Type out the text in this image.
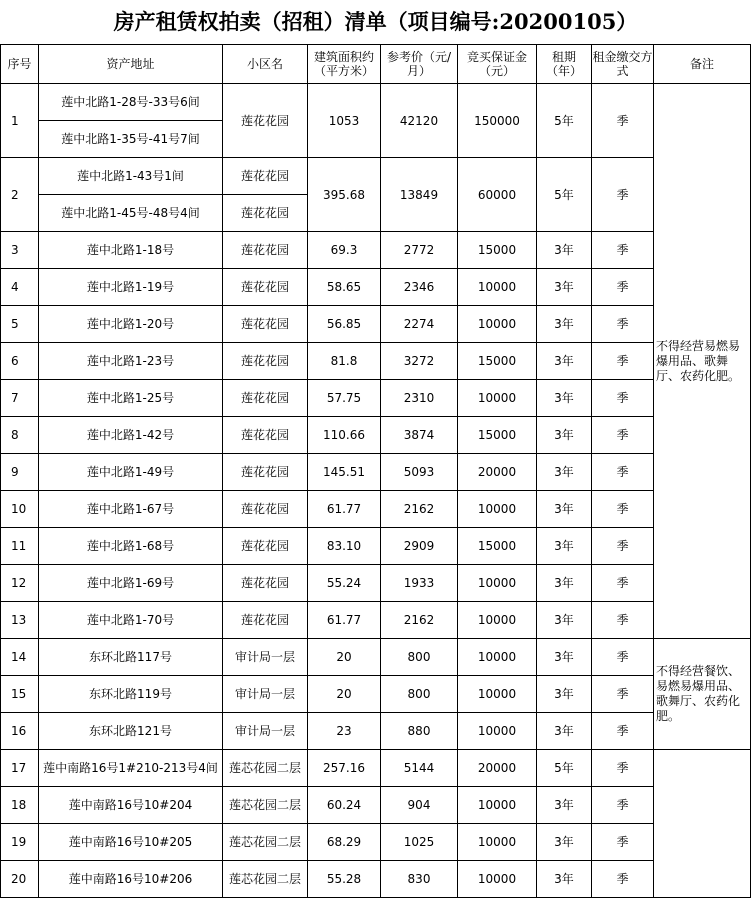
房产租赁权拍卖（招租）清单（项目编号:20200105）
序号	资产地址	小区名	建筑面积约（平方米）	参考价（元/月）	竞买保证金（元）	租期（年）	租金缴交方式	备注
1	莲中北路1-28号-33号6间	莲花花园	1053	42120	150000	5年	季	不得经营易燃易爆用品、歌舞厅、农药化肥。
	莲中北路1-35号-41号7间							
2	莲中北路1-43号1间	莲花花园	395.68	13849	60000	5年	季	
	莲中北路1-45号-48号4间	莲花花园						
3	莲中北路1-18号	莲花花园	69.3	2772	15000	3年	季	
4	莲中北路1-19号	莲花花园	58.65	2346	10000	3年	季	
5	莲中北路1-20号	莲花花园	56.85	2274	10000	3年	季	
6	莲中北路1-23号	莲花花园	81.8	3272	15000	3年	季	
7	莲中北路1-25号	莲花花园	57.75	2310	10000	3年	季	
8	莲中北路1-42号	莲花花园	110.66	3874	15000	3年	季	
9	莲中北路1-49号	莲花花园	145.51	5093	20000	3年	季	
10	莲中北路1-67号	莲花花园	61.77	2162	10000	3年	季	
11	莲中北路1-68号	莲花花园	83.10	2909	15000	3年	季	
12	莲中北路1-69号	莲花花园	55.24	1933	10000	3年	季	
13	莲中北路1-70号	莲花花园	61.77	2162	10000	3年	季	
14	东环北路117号	审计局一层	20	800	10000	3年	季	不得经营餐饮、易燃易爆用品、歌舞厅、农药化肥。
15	东环北路119号	审计局一层	20	800	10000	3年	季	
16	东环北路121号	审计局一层	23	880	10000	3年	季	
17	莲中南路16号1#210-213号4间	莲芯花园二层	257.16	5144	20000	5年	季	
18	莲中南路16号10#204	莲芯花园二层	60.24	904	10000	3年	季	
19	莲中南路16号10#205	莲芯花园二层	68.29	1025	10000	3年	季	
20	莲中南路16号10#206	莲芯花园二层	55.28	830	10000	3年	季	
